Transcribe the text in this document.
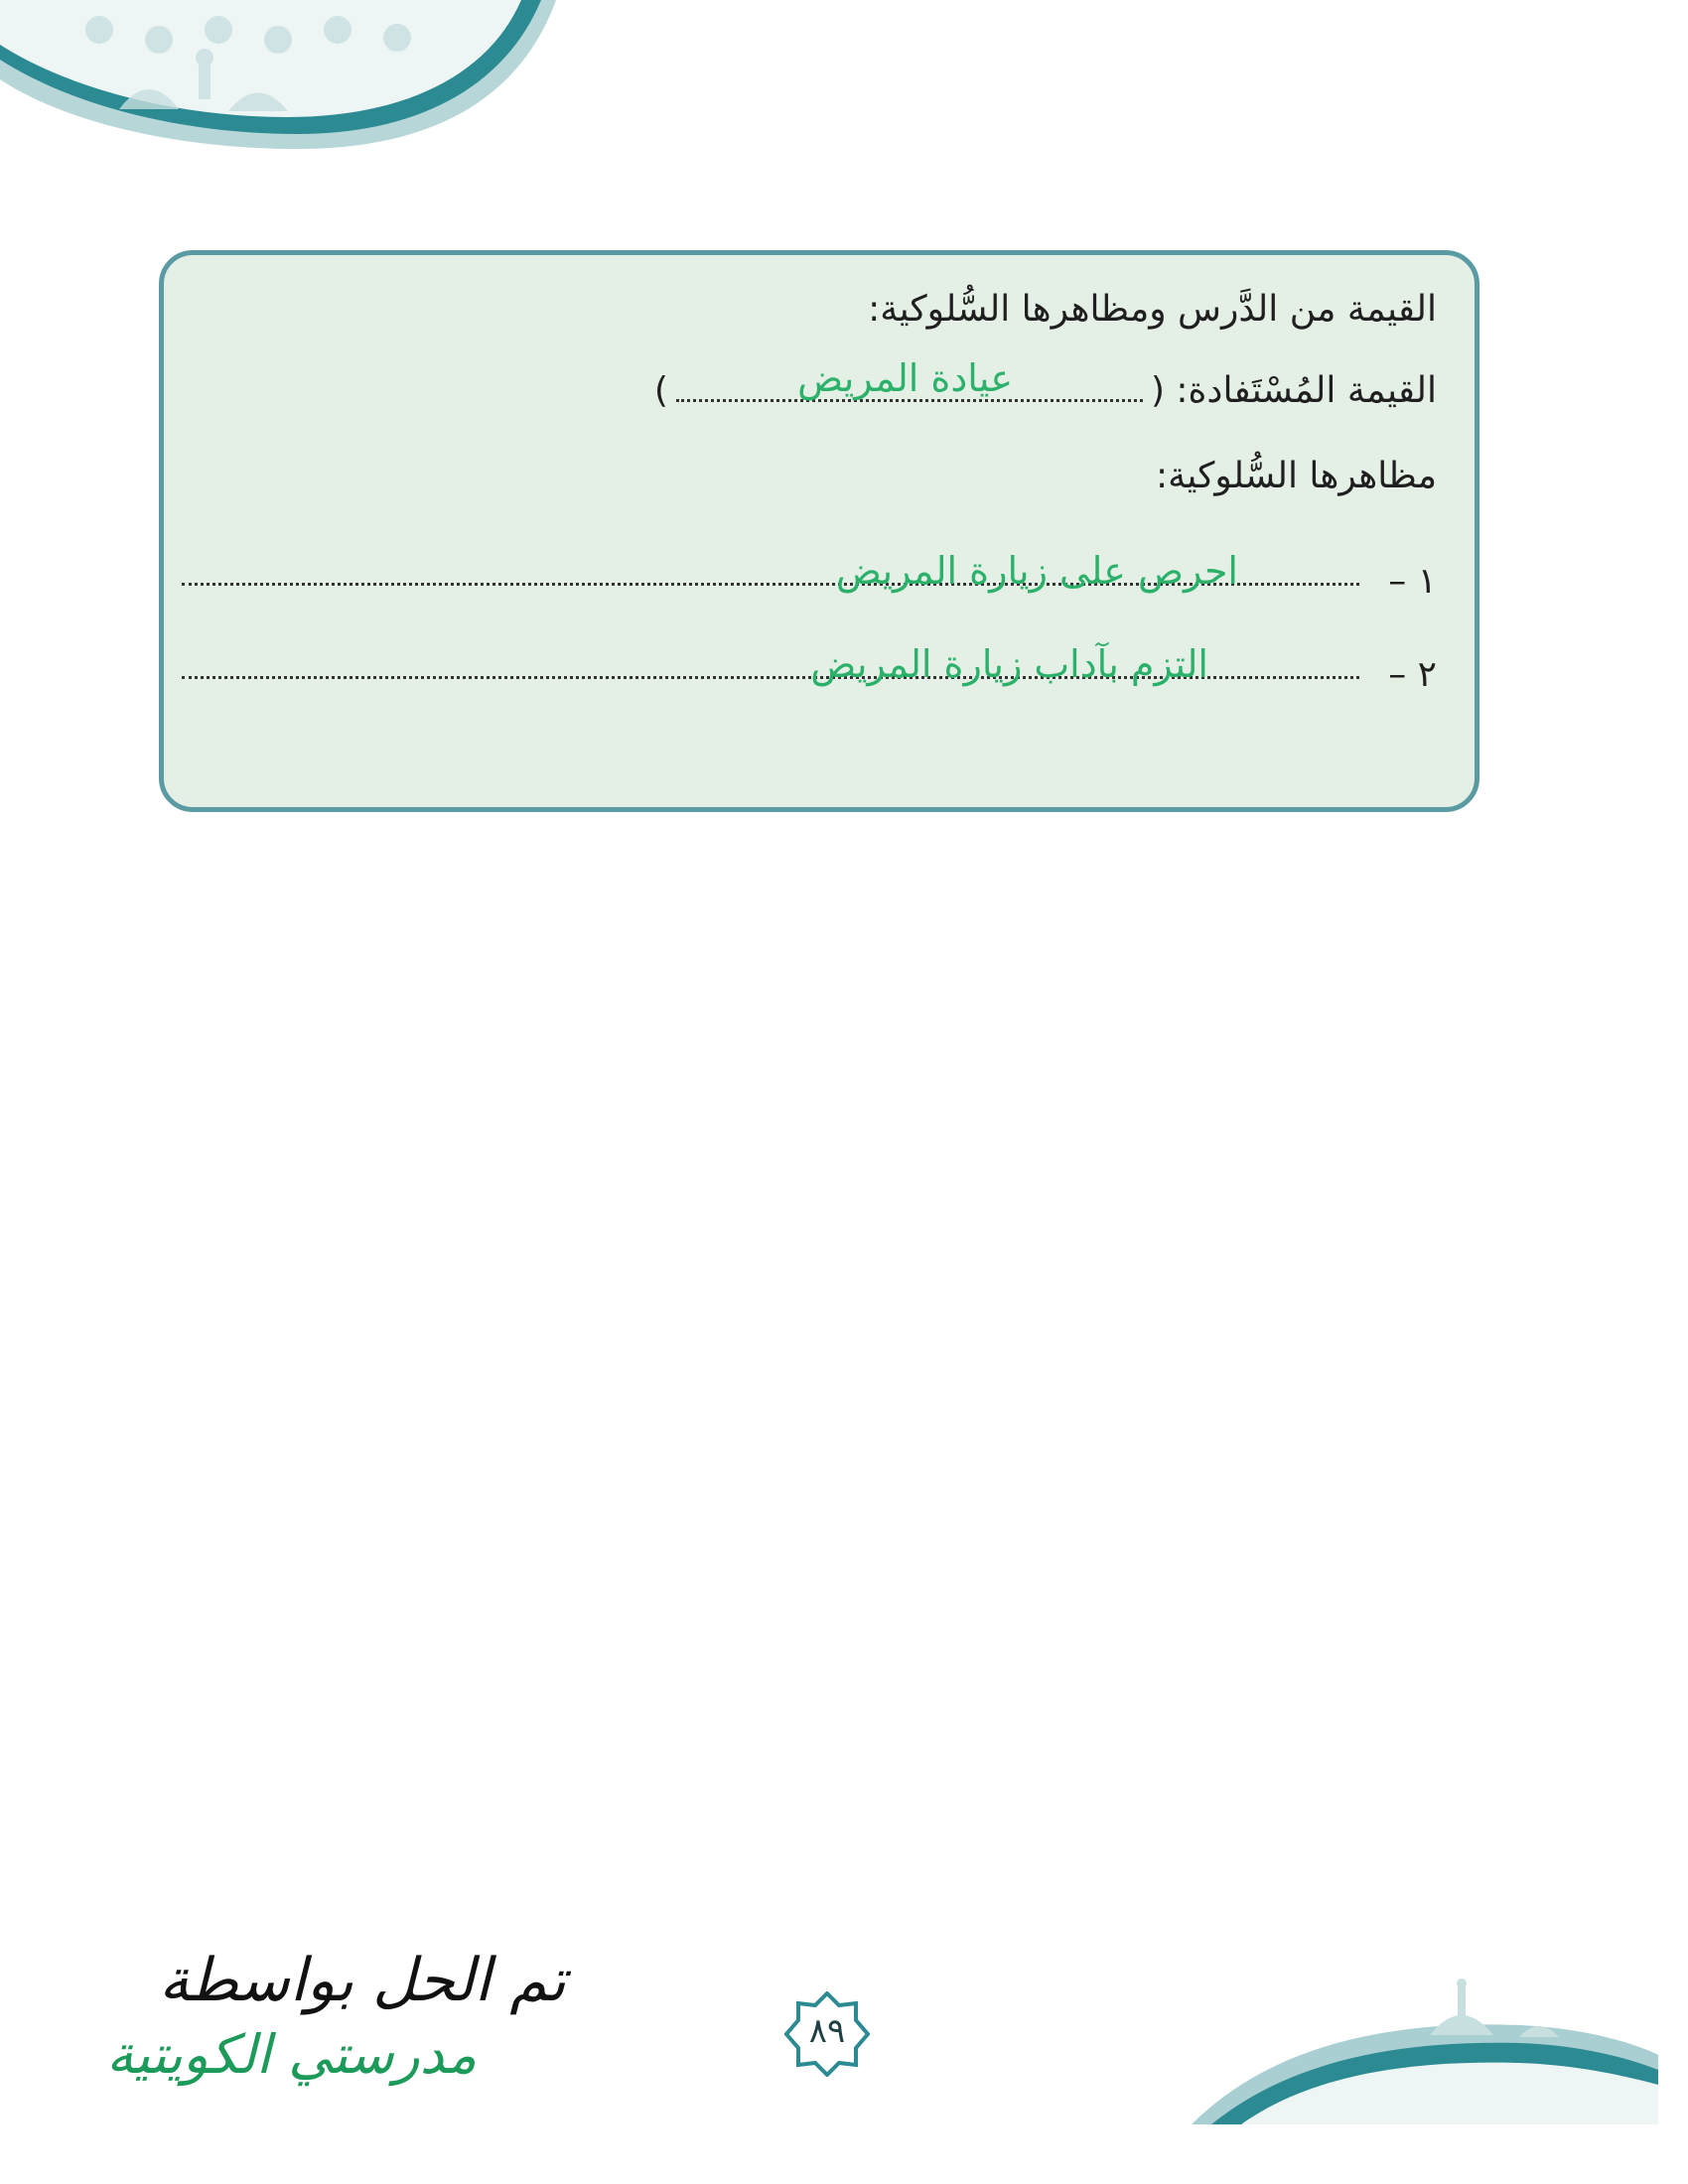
القيمة من الدَّرس ومظاهرها السُّلوكية:
القيمة المُسْتَفادة: ()	عيادة المريض
مظاهرها السُّلوكية:
١ –
احرص على زيارة المريض
٢ –
التزم بآداب زيارة المريض
٨٩
تم الحل بواسطة
مدرستي الكويتية
